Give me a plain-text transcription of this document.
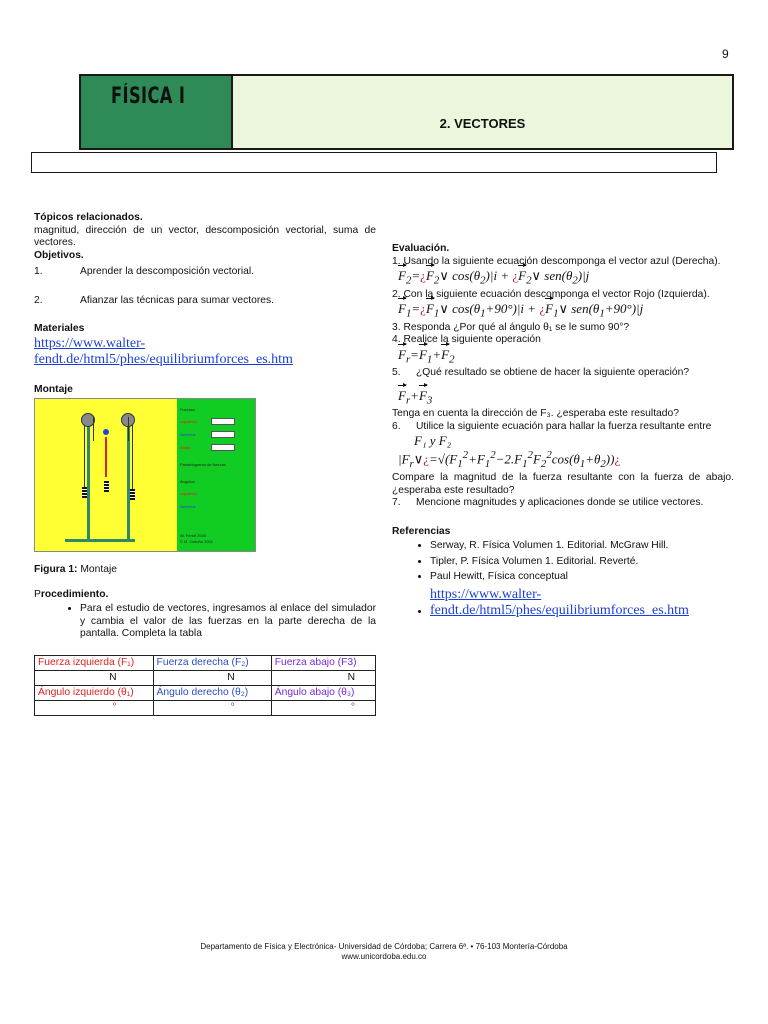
9
FÍSICA I
2. VECTORES
Tópicos relacionados.
magnitud, dirección de un vector, descomposición vectorial, suma de vectores.
Objetivos.
1.	Aprender la descomposición vectorial.
2.	Afianzar las técnicas para sumar vectores.
Materiales
https://www.walter-fendt.de/html5/phes/equilibriumforces_es.htm
Montaje
Fuerzas:
Izquierda:
Derecha:
Abajo:
Paralelogramo de fuerzas
Ángulos:
Izquierda:
Derecha:
W. Fendt 2000
© M. Orduño 2001
Figura 1: Montaje
Procedimiento.
• Para el estudio de vectores, ingresamos al enlace del simulador y cambia el valor de las fuerzas en la parte derecha de la pantalla. Completa la tabla
Fuerza izquierda (F₁)	Fuerza derecha (F₂)	Fuerza abajo (F3)
N	N	N
Ángulo izquierdo (θ₁)	Ángulo derecho (θ₂)	Ángulo abajo (θ₃)
°	°	°
Evaluación.
1. Usando la siguiente ecuación descomponga el vector azul (Derecha).
$F_2=¿F_2\vee$ $\cos(\theta_2)|i$ + ¿$F_2\vee$ $sen(\theta_2)|j$
2. Con la siguiente ecuación descomponga el vector Rojo (Izquierda).
$F_1=¿F_1\vee$ $\cos(\theta_1+90^\circ)|i$ + ¿$F_1\vee$ $sen(\theta_1+90^\circ)|j$
3. Responda ¿Por qué al ángulo θ₁ se le sumo 90°?
4. Realice la siguiente operación
$F_r=F_1+F_2$
5.	¿Qué resultado se obtiene de hacer la siguiente operación?
$F_r+F_3$
Tenga en cuenta la dirección de F₃. ¿esperaba este resultado?
6.	Utilice la siguiente ecuación para hallar la fuerza resultante entre
F₁ y F₂
$|F_r\vee¿=√(F_1^2+F_1^2-2.F_1^2F_2^2\cos(\theta_1+\theta_2))¿$
Compare la magnitud de la fuerza resultante con la fuerza de abajo. ¿esperaba este resultado?
7.	Mencione magnitudes y aplicaciones donde se utilice vectores.
Referencias
• Serway, R. Física Volumen 1. Editorial. McGraw Hill.
• Tipler, P. Física Volumen 1. Editorial. Reverté.
• Paul Hewitt, Física conceptual
• https://www.walter-fendt.de/html5/phes/equilibriumforces_es.htm
Departamento de Física y Electrónica- Universidad de Córdoba; Carrera 6ª. • 76-103 Montería-Córdoba
www.unicordoba.edu.co
